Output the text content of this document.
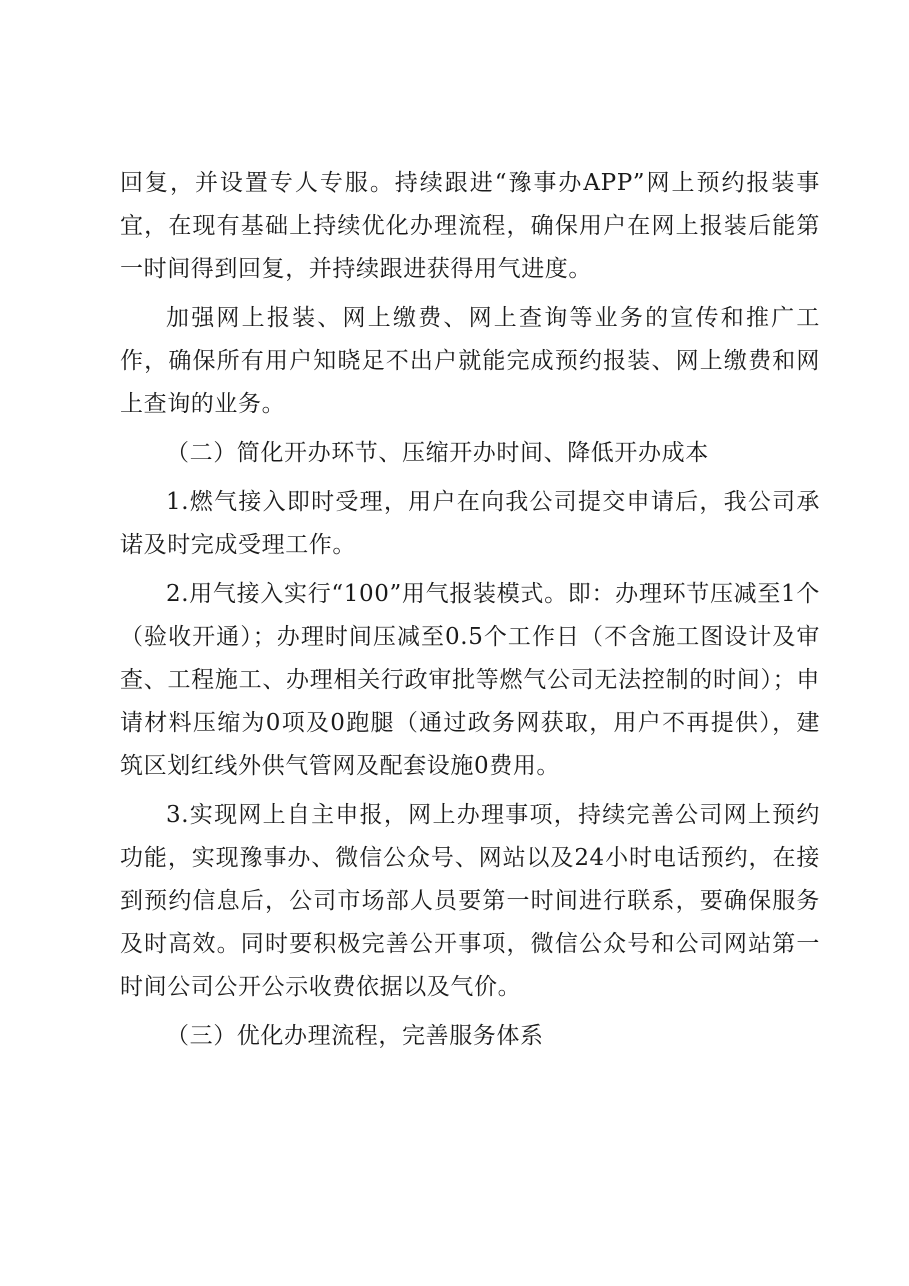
回复，并设置专人专服。持续跟进“豫事办APP”网上预约报装事宜，在现有基础上持续优化办理流程，确保用户在网上报装后能第一时间得到回复，并持续跟进获得用气进度。

加强网上报装、网上缴费、网上查询等业务的宣传和推广工作，确保所有用户知晓足不出户就能完成预约报装、网上缴费和网上查询的业务。

（二）简化开办环节、压缩开办时间、降低开办成本

1.燃气接入即时受理，用户在向我公司提交申请后，我公司承诺及时完成受理工作。

2.用气接入实行“100”用气报装模式。即：办理环节压减至1个（验收开通）；办理时间压减至0.5个工作日（不含施工图设计及审查、工程施工、办理相关行政审批等燃气公司无法控制的时间）；申请材料压缩为0项及0跑腿（通过政务网获取，用户不再提供），建筑区划红线外供气管网及配套设施0费用。

3.实现网上自主申报，网上办理事项，持续完善公司网上预约功能，实现豫事办、微信公众号、网站以及24小时电话预约，在接到预约信息后，公司市场部人员要第一时间进行联系，要确保服务及时高效。同时要积极完善公开事项，微信公众号和公司网站第一时间公司公开公示收费依据以及气价。

（三）优化办理流程，完善服务体系
